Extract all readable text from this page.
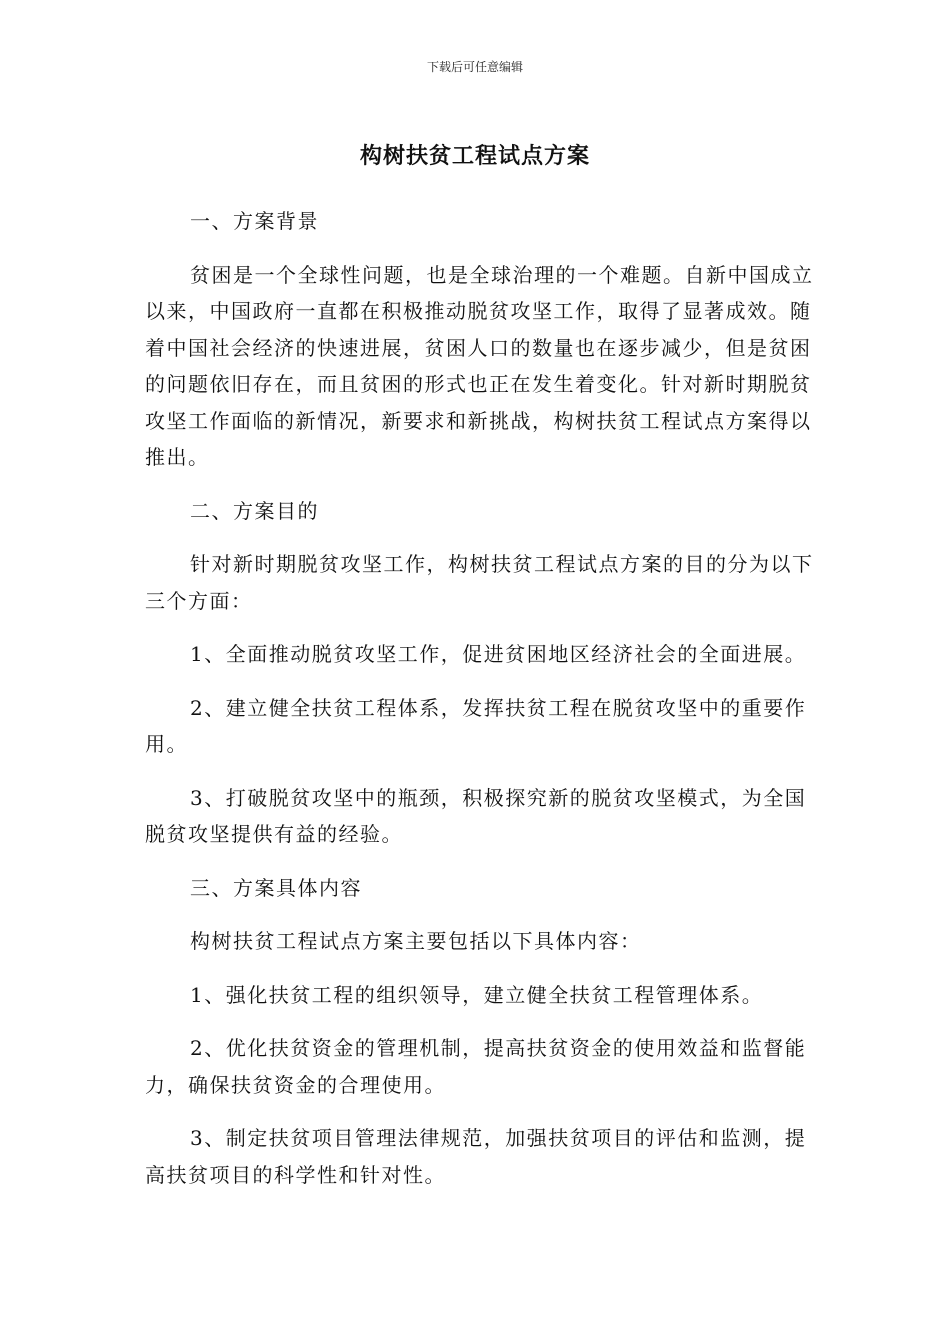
下载后可任意编辑
构树扶贫工程试点方案

一、方案背景

贫困是一个全球性问题，也是全球治理的一个难题。自新中国成立以来，中国政府一直都在积极推动脱贫攻坚工作，取得了显著成效。随着中国社会经济的快速进展，贫困人口的数量也在逐步减少，但是贫困的问题依旧存在，而且贫困的形式也正在发生着变化。针对新时期脱贫攻坚工作面临的新情况，新要求和新挑战，构树扶贫工程试点方案得以推出。

二、方案目的

针对新时期脱贫攻坚工作，构树扶贫工程试点方案的目的分为以下三个方面：

1、全面推动脱贫攻坚工作，促进贫困地区经济社会的全面进展。

2、建立健全扶贫工程体系，发挥扶贫工程在脱贫攻坚中的重要作用。

3、打破脱贫攻坚中的瓶颈，积极探究新的脱贫攻坚模式，为全国脱贫攻坚提供有益的经验。

三、方案具体内容

构树扶贫工程试点方案主要包括以下具体内容：

1、强化扶贫工程的组织领导，建立健全扶贫工程管理体系。

2、优化扶贫资金的管理机制，提高扶贫资金的使用效益和监督能力，确保扶贫资金的合理使用。

3、制定扶贫项目管理法律规范，加强扶贫项目的评估和监测，提高扶贫项目的科学性和针对性。
